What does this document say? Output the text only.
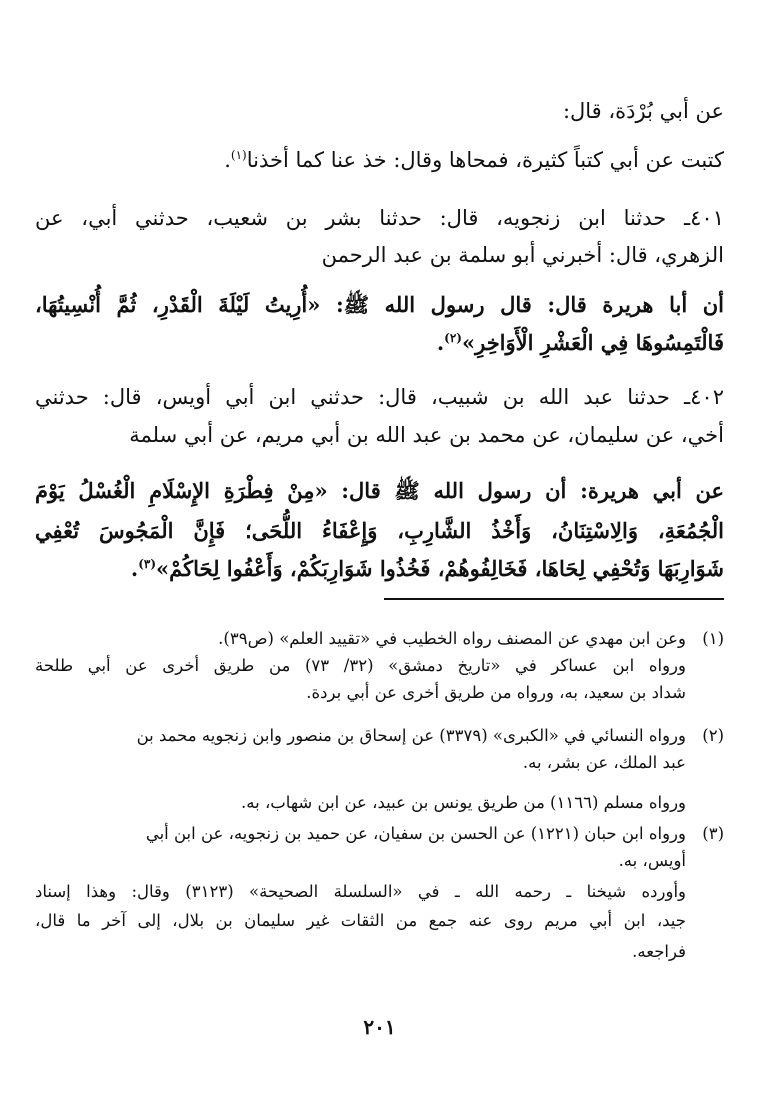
عن أبي بُرْدَة، قال:
كتبت عن أبي كتباً كثيرة، فمحاها وقال: خذ عنا كما أخذنا$^{(١)}$.
٤٠١ـ حدثنا ابن زنجويه، قال: حدثنا بشر بن شعيب، حدثني أبي، عن
الزهري، قال: أخبرني أبو سلمة بن عبد الرحمن
أن أبا هريرة قال: قال رسول الله ﷺ: «أُرِيتُ لَيْلَةَ الْقَدْرِ، ثُمَّ أُنْسِيتُهَا،
فَالْتَمِسُوهَا فِي الْعَشْرِ الْأَوَاخِرِ»$^{(٢)}$.
٤٠٢ـ حدثنا عبد الله بن شبيب، قال: حدثني ابن أبي أويس، قال: حدثني
أخي، عن سليمان، عن محمد بن عبد الله بن أبي مريم، عن أبي سلمة
عن أبي هريرة: أن رسول الله ﷺ قال: «مِنْ فِطْرَةِ الإِسْلَامِ الْغُسْلُ يَوْمَ
الْجُمُعَةِ، وَالِاسْتِنَانُ، وَأَخْذُ الشَّارِبِ، وَإِعْفَاءُ اللُّحَى؛ فَإِنَّ الْمَجُوسَ تُعْفِي
شَوَارِبَهَا وَتُحْفِي لِحَاهَا، فَخَالِفُوهُمْ، فَخُذُوا شَوَارِبَكُمْ، وَأَعْفُوا لِحَاكُمْ»$^{(٣)}$.
(١)وعن ابن مهدي عن المصنف رواه الخطيب في «تقييد العلم» (ص٣٩).
ورواه ابن عساكر في «تاريخ دمشق» (٣٢/ ٧٣) من طريق أخرى عن أبي طلحة
شداد بن سعيد، به، ورواه من طريق أخرى عن أبي بردة.
(٢)ورواه النسائي في «الكبرى» (٣٣٧٩) عن إسحاق بن منصور وابن زنجويه محمد بن
عبد الملك، عن بشر، به.
ورواه مسلم (١١٦٦) من طريق يونس بن عبيد، عن ابن شهاب، به.
(٣)ورواه ابن حبان (١٢٢١) عن الحسن بن سفيان، عن حميد بن زنجويه، عن ابن أبي
أويس، به.
وأورده شيخنا ـ رحمه الله ـ في «السلسلة الصحيحة» (٣١٢٣) وقال: وهذا إسناد
جيد، ابن أبي مريم روى عنه جمع من الثقات غير سليمان بن بلال، إلى آخر ما قال،
فراجعه.
٢٠١
